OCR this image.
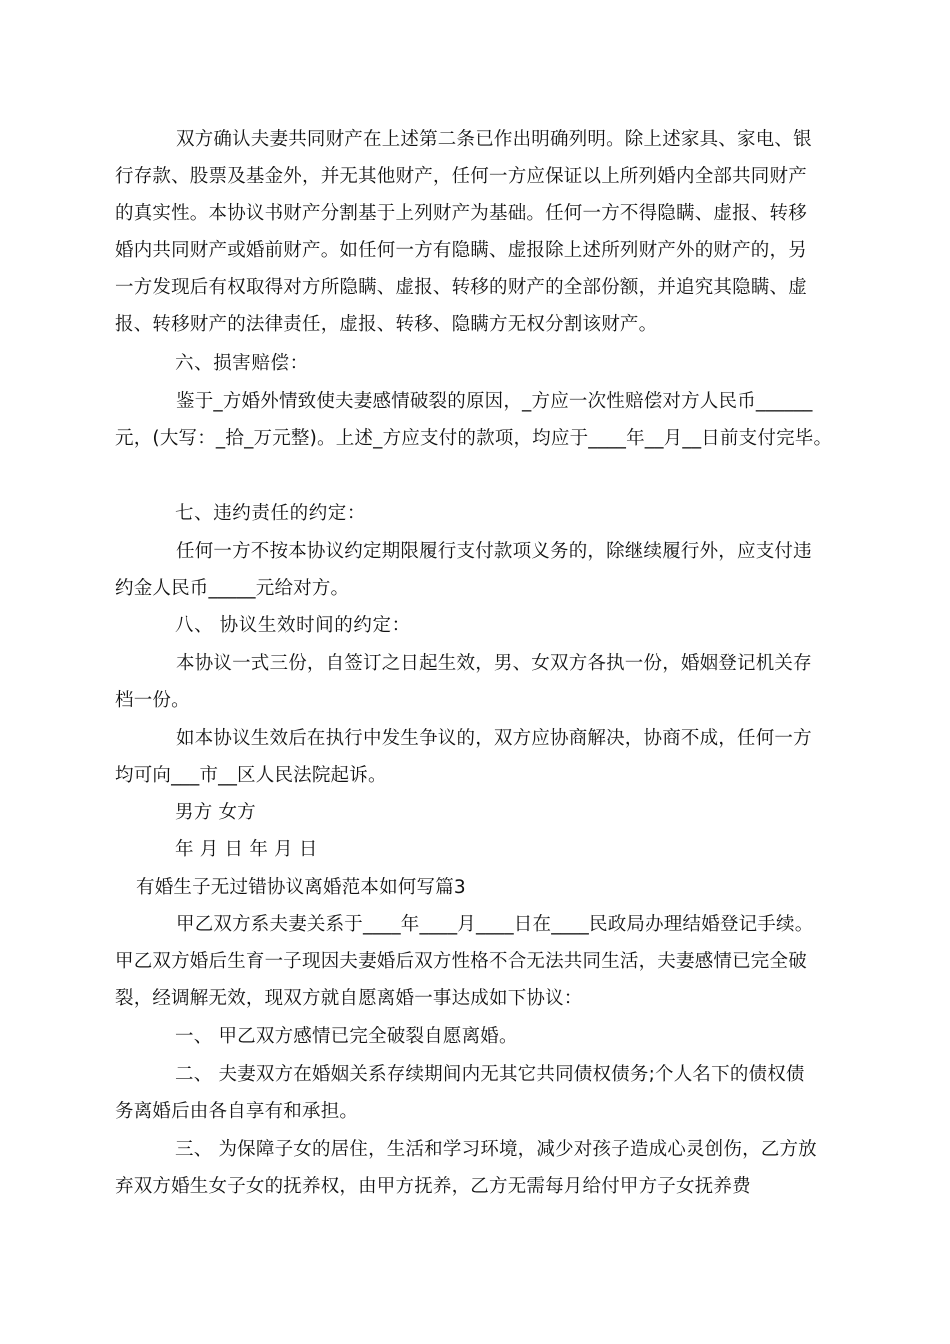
双方确认夫妻共同财产在上述第二条已作出明确列明。除上述家具、家电、银
行存款、股票及基金外，并无其他财产，任何一方应保证以上所列婚内全部共同财产
的真实性。本协议书财产分割基于上列财产为基础。任何一方不得隐瞒、虚报、转移
婚内共同财产或婚前财产。如任何一方有隐瞒、虚报除上述所列财产外的财产的，另
一方发现后有权取得对方所隐瞒、虚报、转移的财产的全部份额，并追究其隐瞒、虚
报、转移财产的法律责任，虚报、转移、隐瞒方无权分割该财产。
六、损害赔偿：
鉴于_方婚外情致使夫妻感情破裂的原因，_方应一次性赔偿对方人民币______
元，(大写：_拾_万元整)。上述_方应支付的款项，均应于____年__月__日前支付完毕。
七、违约责任的约定：
任何一方不按本协议约定期限履行支付款项义务的，除继续履行外，应支付违
约金人民币_____元给对方。
八、 协议生效时间的约定：
本协议一式三份，自签订之日起生效，男、女双方各执一份，婚姻登记机关存
档一份。
如本协议生效后在执行中发生争议的，双方应协商解决，协商不成，任何一方
均可向___市__区人民法院起诉。
男方 女方
年 月 日 年 月 日
有婚生子无过错协议离婚范本如何写篇3
甲乙双方系夫妻关系于____年____月____日在____民政局办理结婚登记手续。
甲乙双方婚后生育一子现因夫妻婚后双方性格不合无法共同生活，夫妻感情已完全破
裂，经调解无效，现双方就自愿离婚一事达成如下协议：
一、 甲乙双方感情已完全破裂自愿离婚。
二、 夫妻双方在婚姻关系存续期间内无其它共同债权债务;个人名下的债权债
务离婚后由各自享有和承担。
三、 为保障子女的居住，生活和学习环境，减少对孩子造成心灵创伤，乙方放
弃双方婚生女子女的抚养权，由甲方抚养，乙方无需每月给付甲方子女抚养费
